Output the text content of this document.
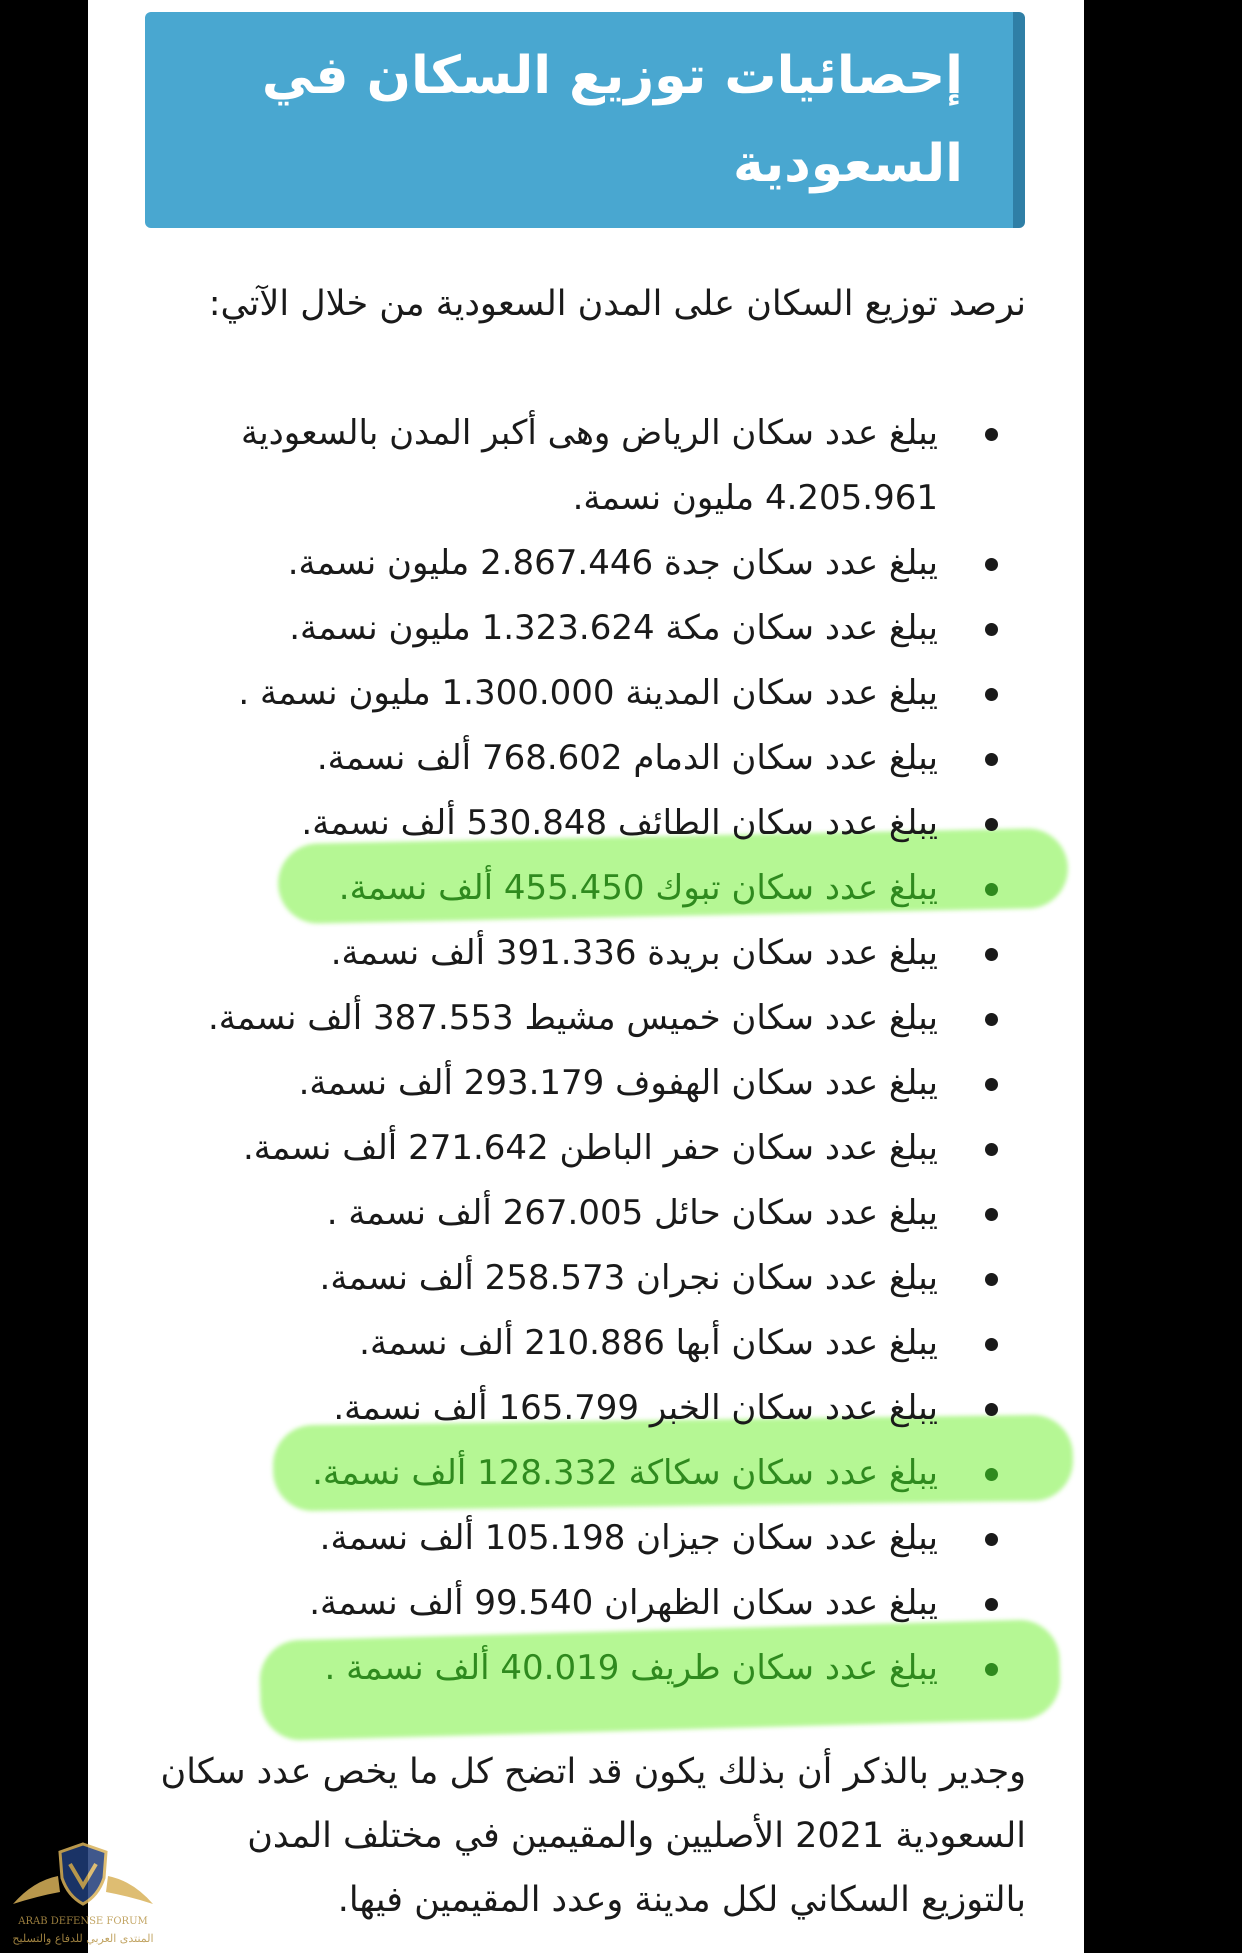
إحصائيات توزيع السكان في السعودية

نرصد توزيع السكان على المدن السعودية من خلال الآتي:

يبلغ عدد سكان الرياض وهى أكبر المدن بالسعودية 4.205.961 مليون نسمة.
يبلغ عدد سكان جدة 2.867.446 مليون نسمة.
يبلغ عدد سكان مكة 1.323.624 مليون نسمة.
يبلغ عدد سكان المدينة 1.300.000 مليون نسمة .
يبلغ عدد سكان الدمام 768.602 ألف نسمة.
يبلغ عدد سكان الطائف 530.848 ألف نسمة.
يبلغ عدد سكان تبوك 455.450 ألف نسمة.
يبلغ عدد سكان بريدة 391.336 ألف نسمة.
يبلغ عدد سكان خميس مشيط 387.553 ألف نسمة.
يبلغ عدد سكان الهفوف 293.179 ألف نسمة.
يبلغ عدد سكان حفر الباطن 271.642 ألف نسمة.
يبلغ عدد سكان حائل 267.005 ألف نسمة .
يبلغ عدد سكان نجران 258.573 ألف نسمة.
يبلغ عدد سكان أبها 210.886 ألف نسمة.
يبلغ عدد سكان الخبر 165.799 ألف نسمة.
يبلغ عدد سكان سكاكة 128.332 ألف نسمة.
يبلغ عدد سكان جيزان 105.198 ألف نسمة.
يبلغ عدد سكان الظهران 99.540 ألف نسمة.
يبلغ عدد سكان طريف 40.019 ألف نسمة .

وجدير بالذكر أن بذلك يكون قد اتضح كل ما يخص عدد سكان السعودية 2021 الأصليين والمقيمين في مختلف المدن بالتوزيع السكاني لكل مدينة وعدد المقيمين فيها.

ARAB DEFENSE FORUM
المنتدى العربي للدفاع والتسليح
